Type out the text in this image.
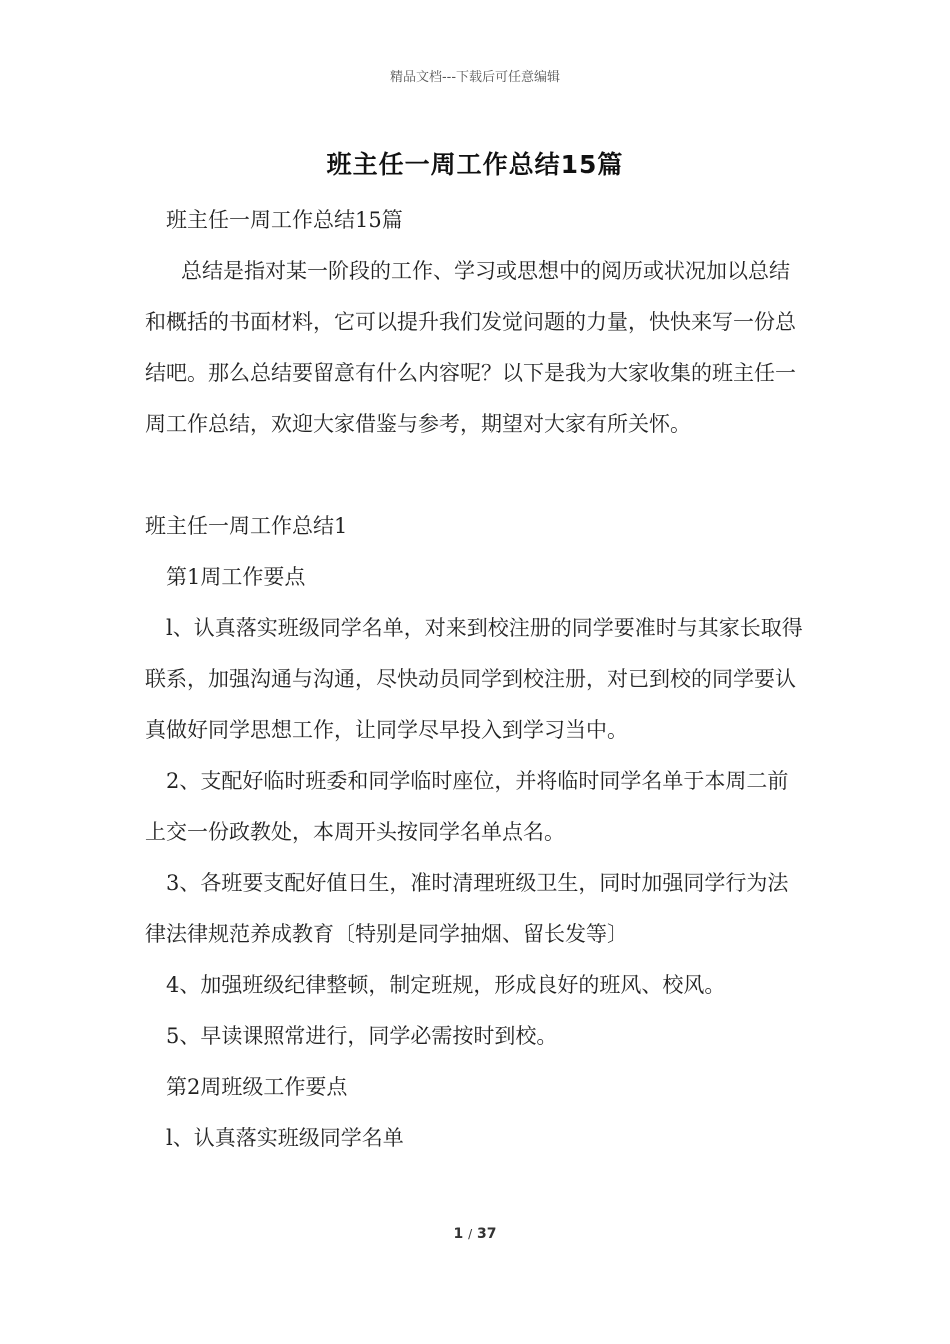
精品文档---下载后可任意编辑
班主任一周工作总结15篇

班主任一周工作总结15篇

总结是指对某一阶段的工作、学习或思想中的阅历或状况加以总结和概括的书面材料，它可以提升我们发觉问题的力量，快快来写一份总结吧。那么总结要留意有什么内容呢？以下是我为大家收集的班主任一周工作总结，欢迎大家借鉴与参考，期望对大家有所关怀。

班主任一周工作总结1

第1周工作要点

l、认真落实班级同学名单，对来到校注册的同学要准时与其家长取得联系，加强沟通与沟通，尽快动员同学到校注册，对已到校的同学要认真做好同学思想工作，让同学尽早投入到学习当中。

2、支配好临时班委和同学临时座位，并将临时同学名单于本周二前上交一份政教处，本周开头按同学名单点名。

3、各班要支配好值日生，准时清理班级卫生，同时加强同学行为法律法律规范养成教育〔特别是同学抽烟、留长发等〕

4、加强班级纪律整顿，制定班规，形成良好的班风、校风。

5、早读课照常进行，同学必需按时到校。

第2周班级工作要点

l、认真落实班级同学名单

1 / 37
